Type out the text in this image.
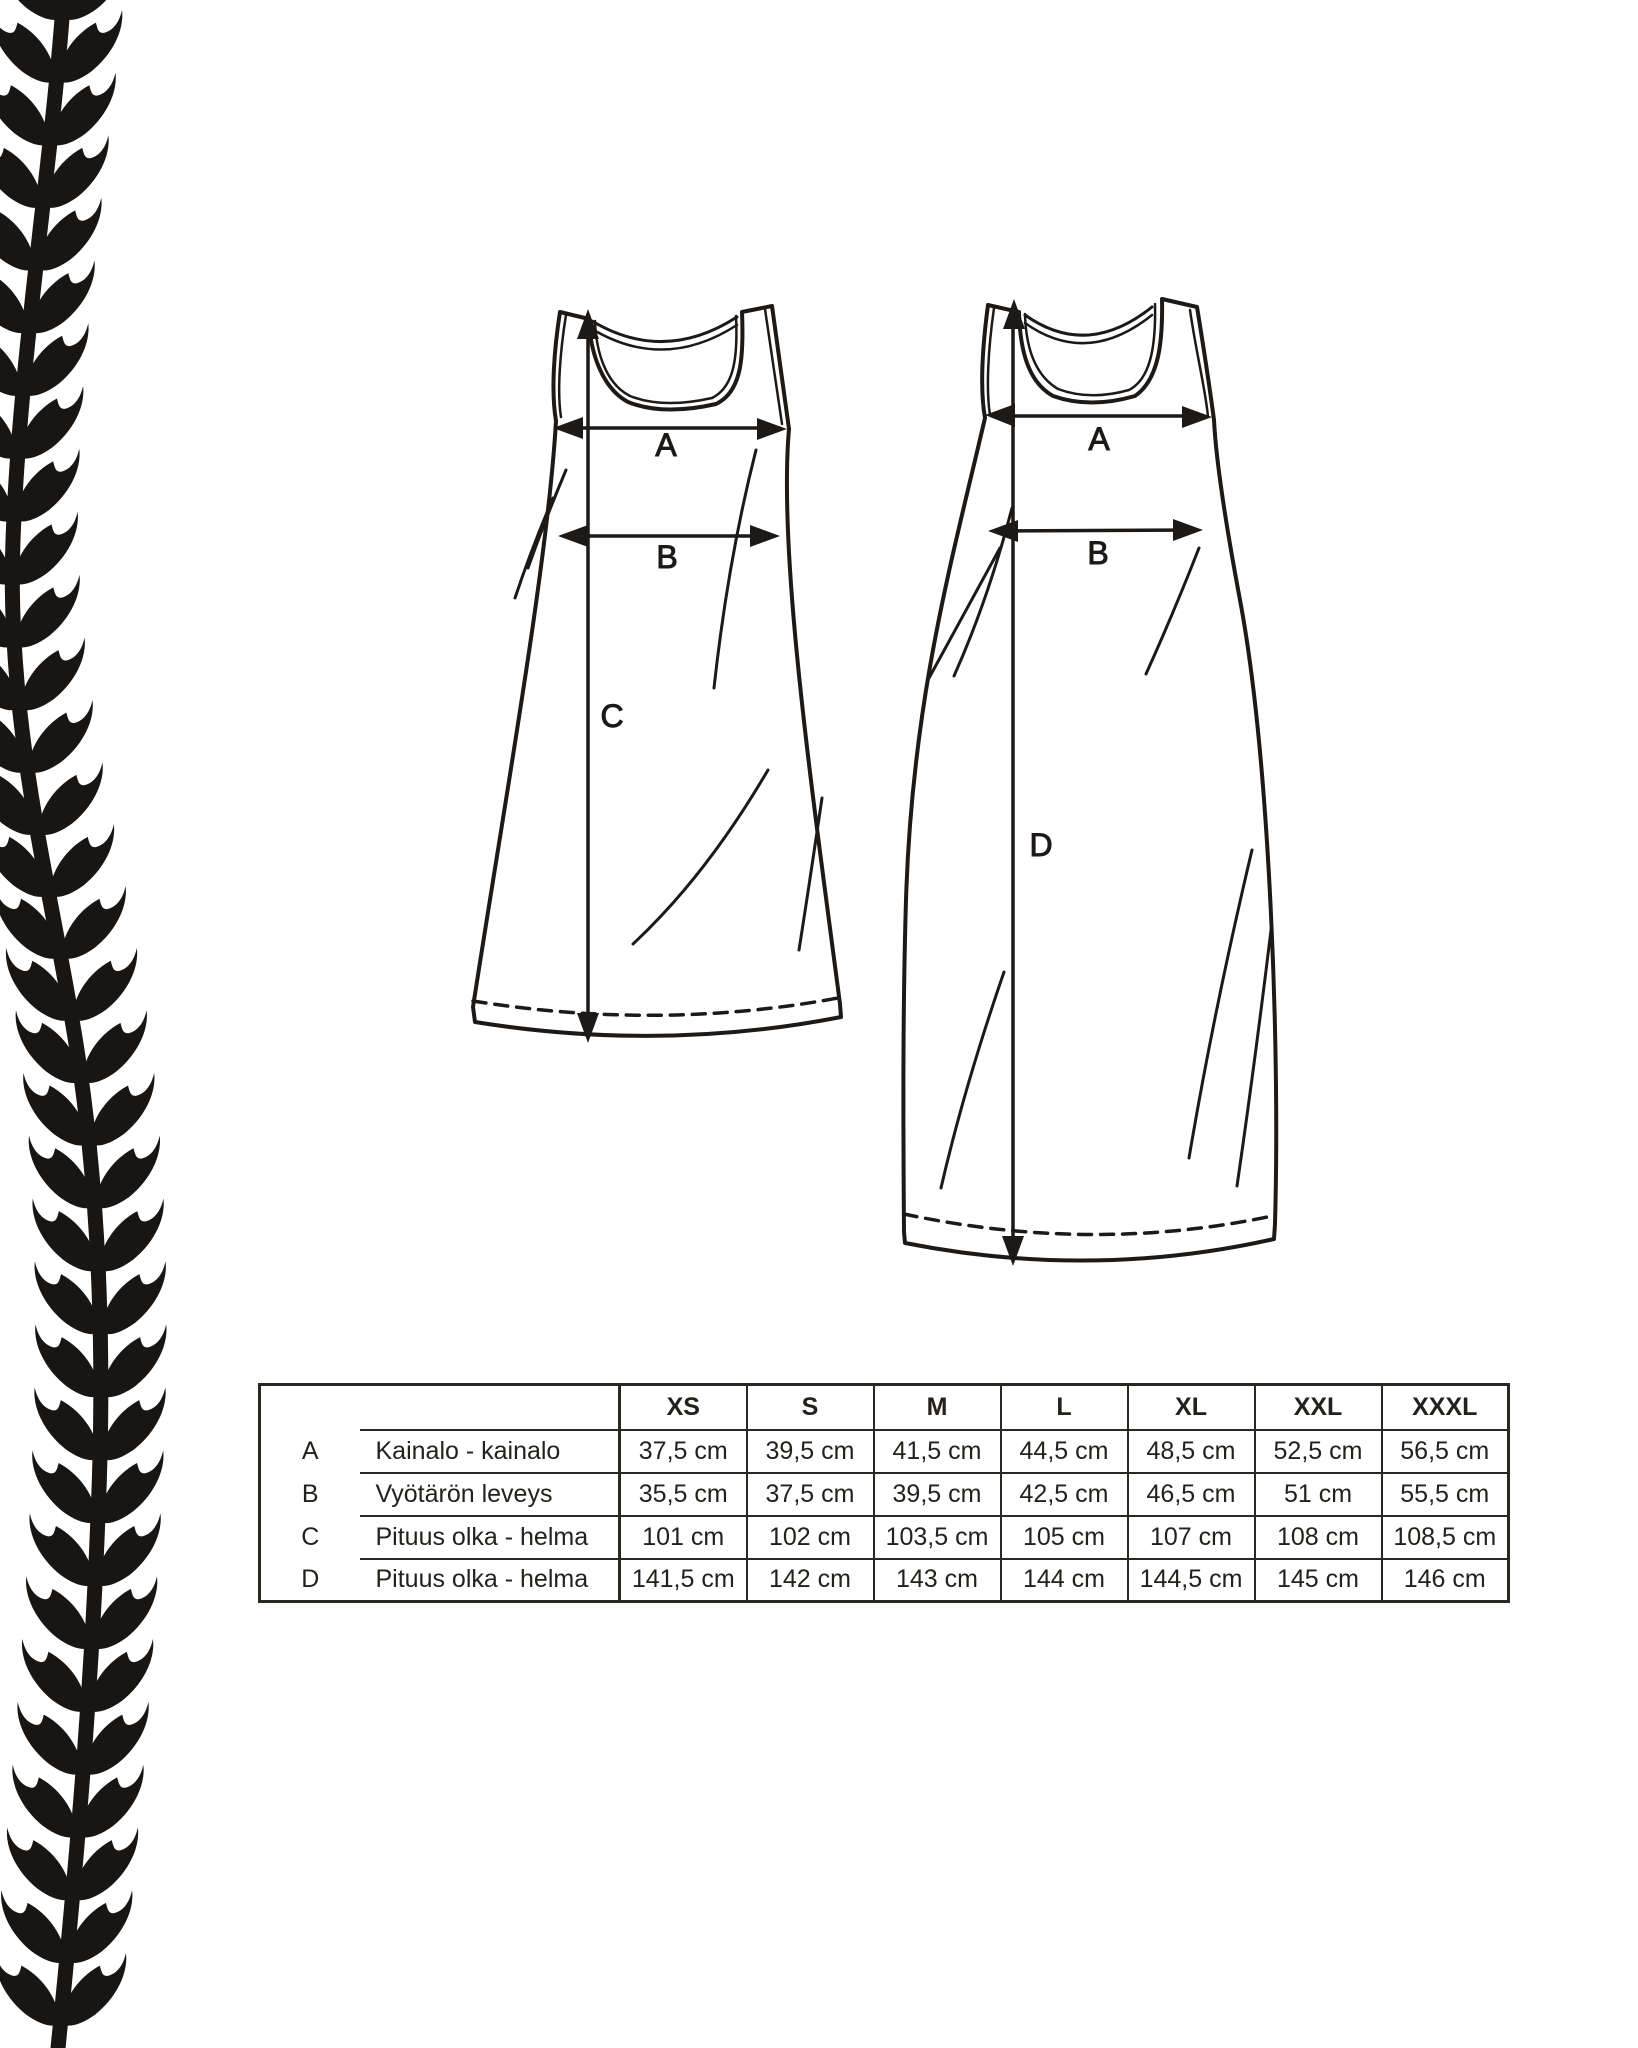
A
B
C
A
B
D
		XS	S	M	L	XL	XXL	XXXL
A	Kainalo - kainalo	37,5 cm	39,5 cm	41,5 cm	44,5 cm	48,5 cm	52,5 cm	56,5 cm
B	Vyötärön leveys	35,5 cm	37,5 cm	39,5 cm	42,5 cm	46,5 cm	51 cm	55,5 cm
C	Pituus olka - helma	101 cm	102 cm	103,5 cm	105 cm	107 cm	108 cm	108,5 cm
D	Pituus olka - helma	141,5 cm	142 cm	143 cm	144 cm	144,5 cm	145 cm	146 cm
